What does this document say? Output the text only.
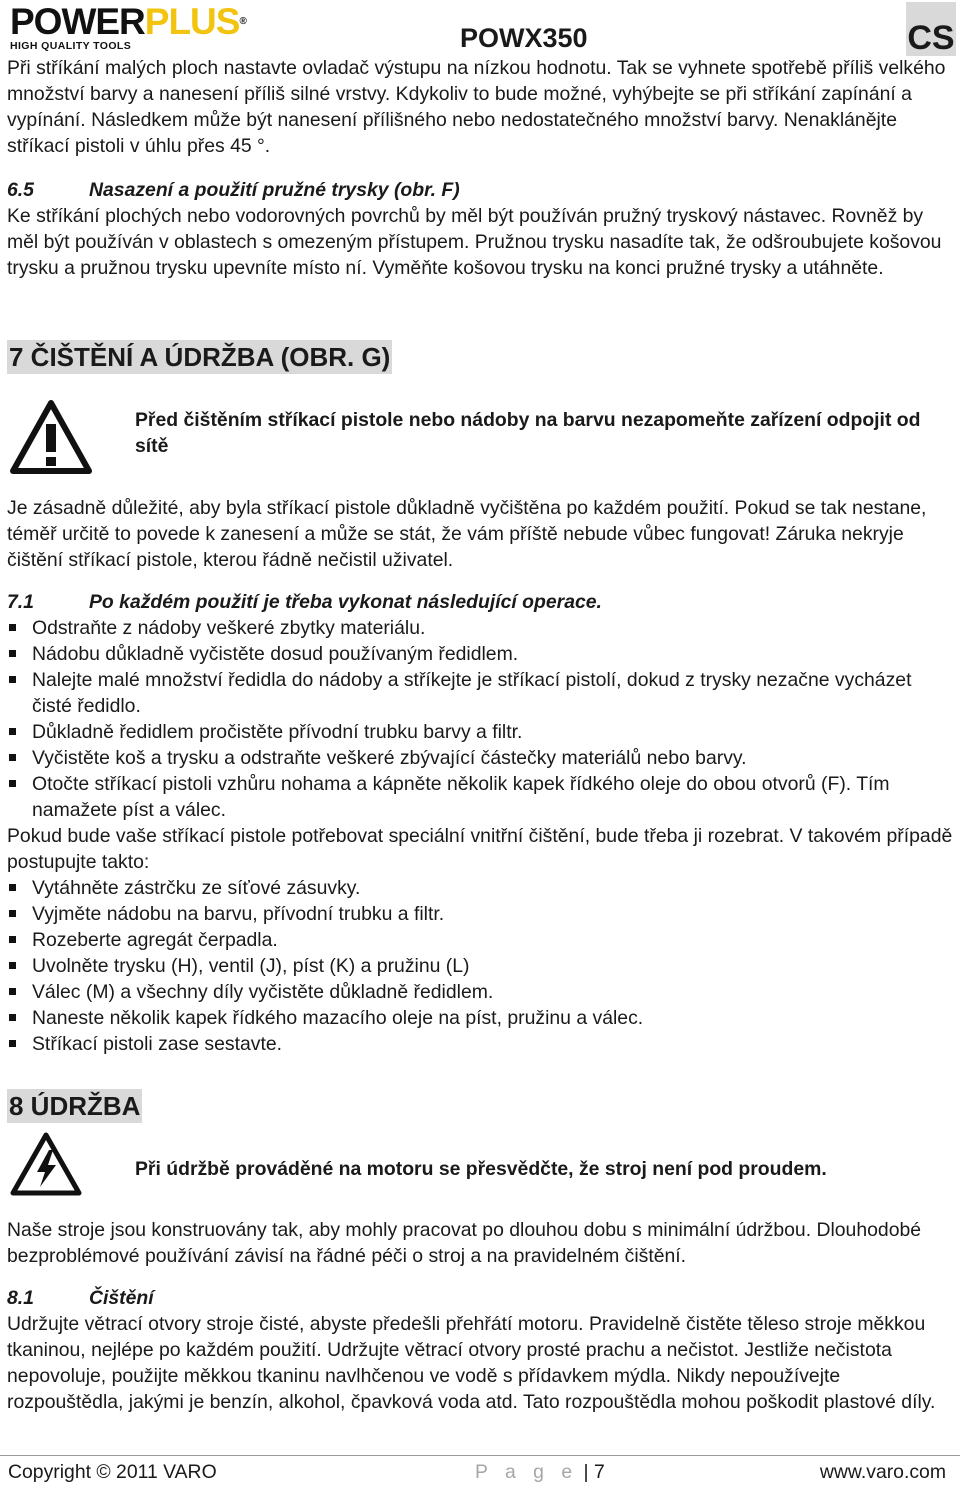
POWERPLUS®
HIGH QUALITY TOOLS	POWX350	CS

Při stříkání malých ploch nastavte ovladač výstupu na nízkou hodnotu. Tak se vyhnete spotřebě příliš velkého množství barvy a nanesení příliš silné vrstvy. Kdykoliv to bude možné, vyhýbejte se při stříkání zapínání a vypínání. Následkem může být nanesení přílišného nebo nedostatečného množství barvy. Nenaklánějte stříkací pistoli v úhlu přes 45 °.

6.5	Nasazení a použití pružné trysky (obr. F)

Ke stříkání plochých nebo vodorovných povrchů by měl být používán pružný tryskový nástavec. Rovněž by měl být používán v oblastech s omezeným přístupem. Pružnou trysku nasadíte tak, že odšroubujete košovou trysku a pružnou trysku upevníte místo ní. Vyměňte košovou trysku na konci pružné trysky a utáhněte.

7 ČIŠTĚNÍ A ÚDRŽBA (OBR. G)
Před čištěním stříkací pistole nebo nádoby na barvu nezapomeňte zařízení odpojit od sítě

Je zásadně důležité, aby byla stříkací pistole důkladně vyčištěna po každém použití. Pokud se tak nestane, téměř určitě to povede k zanesení a může se stát, že vám příště nebude vůbec fungovat! Záruka nekryje čištění stříkací pistole, kterou řádně nečistil uživatel.

7.1	Po každém použití je třeba vykonat následující operace.

Odstraňte z nádoby veškeré zbytky materiálu.
Nádobu důkladně vyčistěte dosud používaným ředidlem.
Nalejte malé množství ředidla do nádoby a stříkejte je stříkací pistolí, dokud z trysky nezačne vycházet čisté ředidlo.
Důkladně ředidlem pročistěte přívodní trubku barvy a filtr.
Vyčistěte koš a trysku a odstraňte veškeré zbývající částečky materiálů nebo barvy.
Otočte stříkací pistoli vzhůru nohama a kápněte několik kapek řídkého oleje do obou otvorů (F). Tím namažete píst a válec.

Pokud bude vaše stříkací pistole potřebovat speciální vnitřní čištění, bude třeba ji rozebrat. V takovém případě postupujte takto:

Vytáhněte zástrčku ze síťové zásuvky.
Vyjměte nádobu na barvu, přívodní trubku a filtr.
Rozeberte agregát čerpadla.
Uvolněte trysku (H), ventil (J), píst (K) a pružinu (L)
Válec (M) a všechny díly vyčistěte důkladně ředidlem.
Naneste několik kapek řídkého mazacího oleje na píst, pružinu a válec.
Stříkací pistoli zase sestavte.
8 ÚDRŽBA
Při údržbě prováděné na motoru se přesvědčte, že stroj není pod proudem.

Naše stroje jsou konstruovány tak, aby mohly pracovat po dlouhou dobu s minimální údržbou. Dlouhodobé bezproblémové používání závisí na řádné péči o stroj a na pravidelném čištění.

8.1	Čištění

Udržujte větrací otvory stroje čisté, abyste předešli přehřátí motoru. Pravidelně čistěte těleso stroje měkkou tkaninou, nejlépe po každém použití. Udržujte větrací otvory prosté prachu a nečistot. Jestliže nečistota nepovoluje, použijte měkkou tkaninu navlhčenou ve vodě s přídavkem mýdla. Nikdy nepoužívejte rozpouštědla, jakými je benzín, alkohol, čpavková voda atd. Tato rozpouštědla mohou poškodit plastové díly.

Copyright © 2011 VARO	P a g e | 7	www.varo.com
